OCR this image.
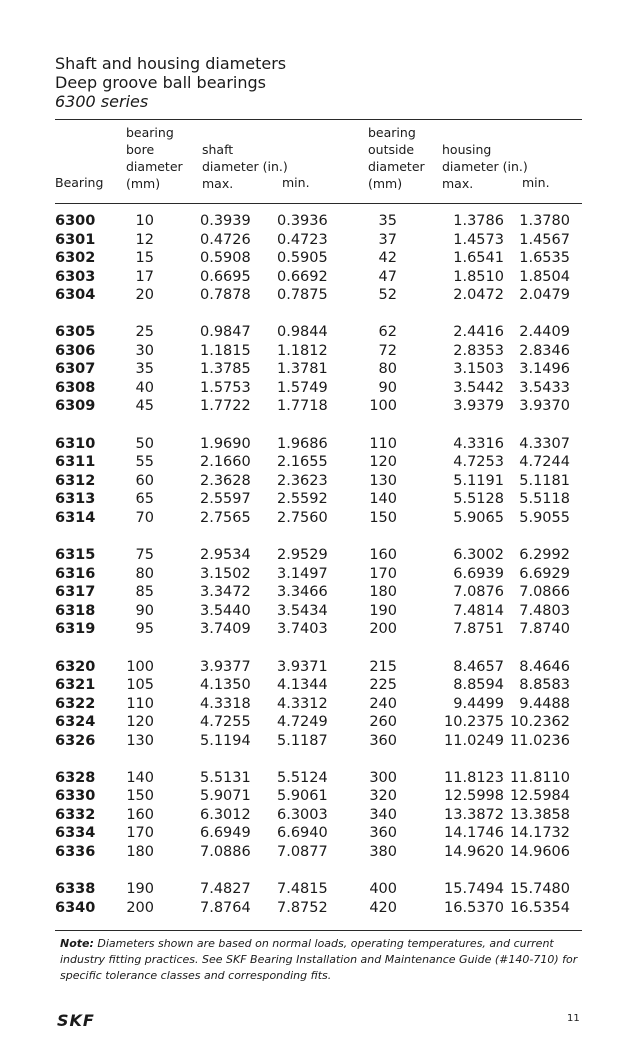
Shaft and housing diameters
Deep groove ball bearings
6300 series
Bearing
bearing
bore
diameter
(mm)
shaft
diameter (in.)
max.	min.
bearing
outside
diameter
(mm)
housing
diameter (in.)
max.	min.
6300	10	0.3939 0.3936	35	1.3786	1.3780
6301	12	0.4726 0.4723	37	1.4573	1.4567
6302	15	0.5908 0.5905	42	1.6541	1.6535
6303	17	0.6695 0.6692	47	1.8510	1.8504
6304	20	0.7878 0.7875	52	2.0472	2.0479
6305	25	0.9847 0.9844	62	2.4416	2.4409
6306	30	1.1815 1.1812	72	2.8353	2.8346
6307	35	1.3785 1.3781	80	3.1503	3.1496
6308	40	1.5753 1.5749	90	3.5442	3.5433
6309	45	1.7722 1.7718	100	3.9379	3.9370
6310	50	1.9690 1.9686	110	4.3316	4.3307
6311	55	2.1660 2.1655	120	4.7253	4.7244
6312	60	2.3628 2.3623	130	5.1191	5.1181
6313	65	2.5597 2.5592	140	5.5128	5.5118
6314	70	2.7565 2.7560	150	5.9065	5.9055
6315	75	2.9534 2.9529	160	6.3002	6.2992
6316	80	3.1502 3.1497	170	6.6939	6.6929
6317	85	3.3472 3.3466	180	7.0876	7.0866
6318	90	3.5440 3.5434	190	7.4814	7.4803
6319	95	3.7409 3.7403	200	7.8751	7.8740
6320	100	3.9377 3.9371	215	8.4657	8.4646
6321	105	4.1350 4.1344	225	8.8594	8.8583
6322	110	4.3318 4.3312	240	9.4499	9.4488
6324	120	4.7255 4.7249	260	10.2375 10.2362
6326	130	5.1194 5.1187	360	11.0249 11.0236
6328	140	5.5131 5.5124	300	11.8123 11.8110
6330	150	5.9071 5.9061	320	12.5998 12.5984
6332	160	6.3012 6.3003	340	13.3872 13.3858
6334	170	6.6949 6.6940	360	14.1746 14.1732
6336	180	7.0886 7.0877	380	14.9620 14.9606
6338	190	7.4827 7.4815	400	15.7494 15.7480
6340	200	7.8764 7.8752	420	16.5370 16.5354
Note: Diameters shown are based on normal loads, operating temperatures, and current industry fitting practices. See SKF Bearing Installation and Maintenance Guide (#140-710) for specific tolerance classes and corresponding fits.
SKF	11
